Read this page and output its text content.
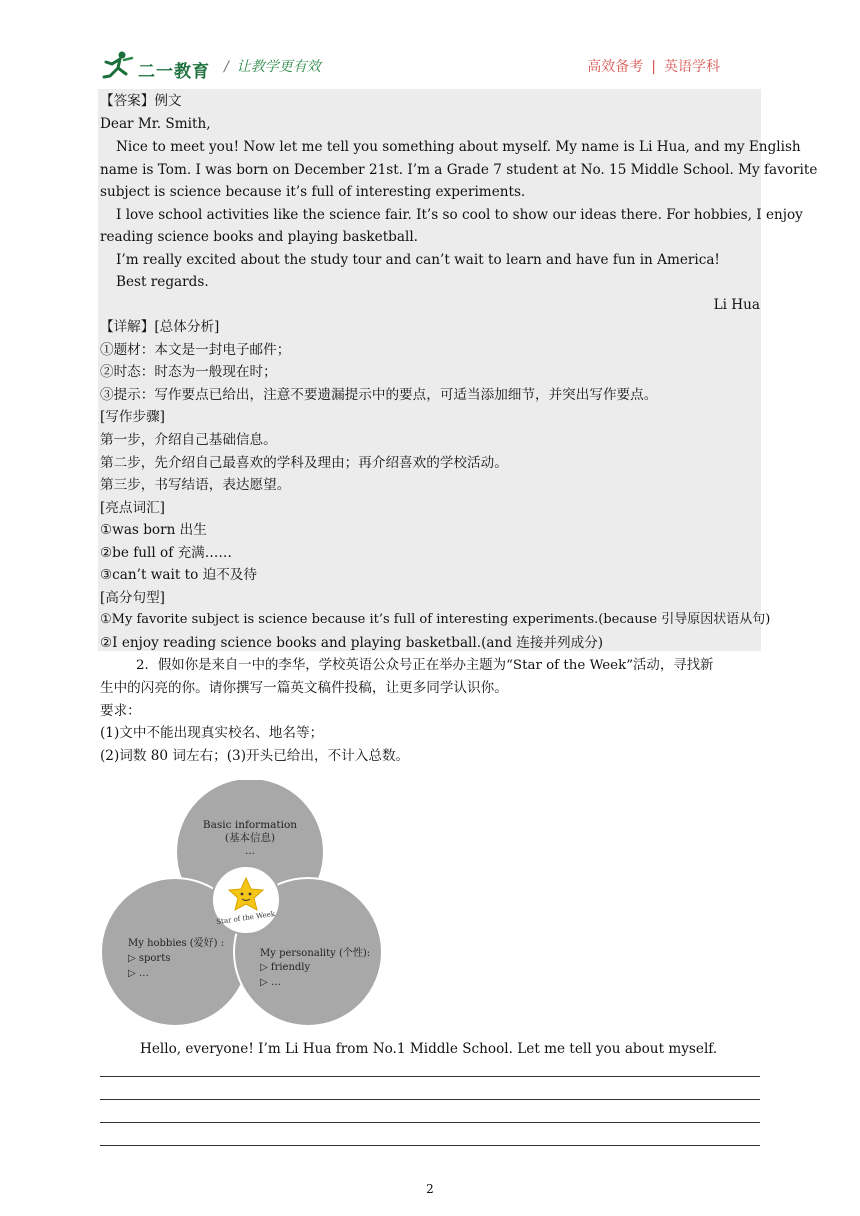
二一教育 / 让教学更有效	高效备考 | 英语学科
【答案】例文
Dear Mr. Smith,
Nice to meet you! Now let me tell you something about myself. My name is Li Hua, and my English
name is Tom. I was born on December 21st. I’m a Grade 7 student at No. 15 Middle School. My favorite
subject is science because it’s full of interesting experiments.
I love school activities like the science fair. It’s so cool to show our ideas there. For hobbies, I enjoy
reading science books and playing basketball.
I’m really excited about the study tour and can’t wait to learn and have fun in America!
Best regards.
Li Hua
【详解】[总体分析]
①题材：本文是一封电子邮件；
②时态：时态为一般现在时；
③提示：写作要点已给出，注意不要遗漏提示中的要点，可适当添加细节，并突出写作要点。
[写作步骤]
第一步，介绍自己基础信息。
第二步，先介绍自己最喜欢的学科及理由；再介绍喜欢的学校活动。
第三步，书写结语，表达愿望。
[亮点词汇]
①was born 出生
②be full of 充满……
③can’t wait to 迫不及待
[高分句型]
①My favorite subject is science because it’s full of interesting experiments.(because 引导原因状语从句)
②I enjoy reading science books and playing basketball.(and 连接并列成分)
2．假如你是来自一中的李华，学校英语公众号正在举办主题为“Star of the Week”活动，寻找新
生中的闪亮的你。请你撰写一篇英文稿件投稿，让更多同学认识你。
要求：
(1)文中不能出现真实校名、地名等；
(2)词数 80 词左右；(3)开头已给出，不计入总数。
Star of the Week
Basic information
(基本信息)
...
My hobbies (爱好) :
▷ sports
▷ …
My personality (个性):
▷ friendly
▷ …
Hello, everyone! I’m Li Hua from No.1 Middle School. Let me tell you about myself.
2
